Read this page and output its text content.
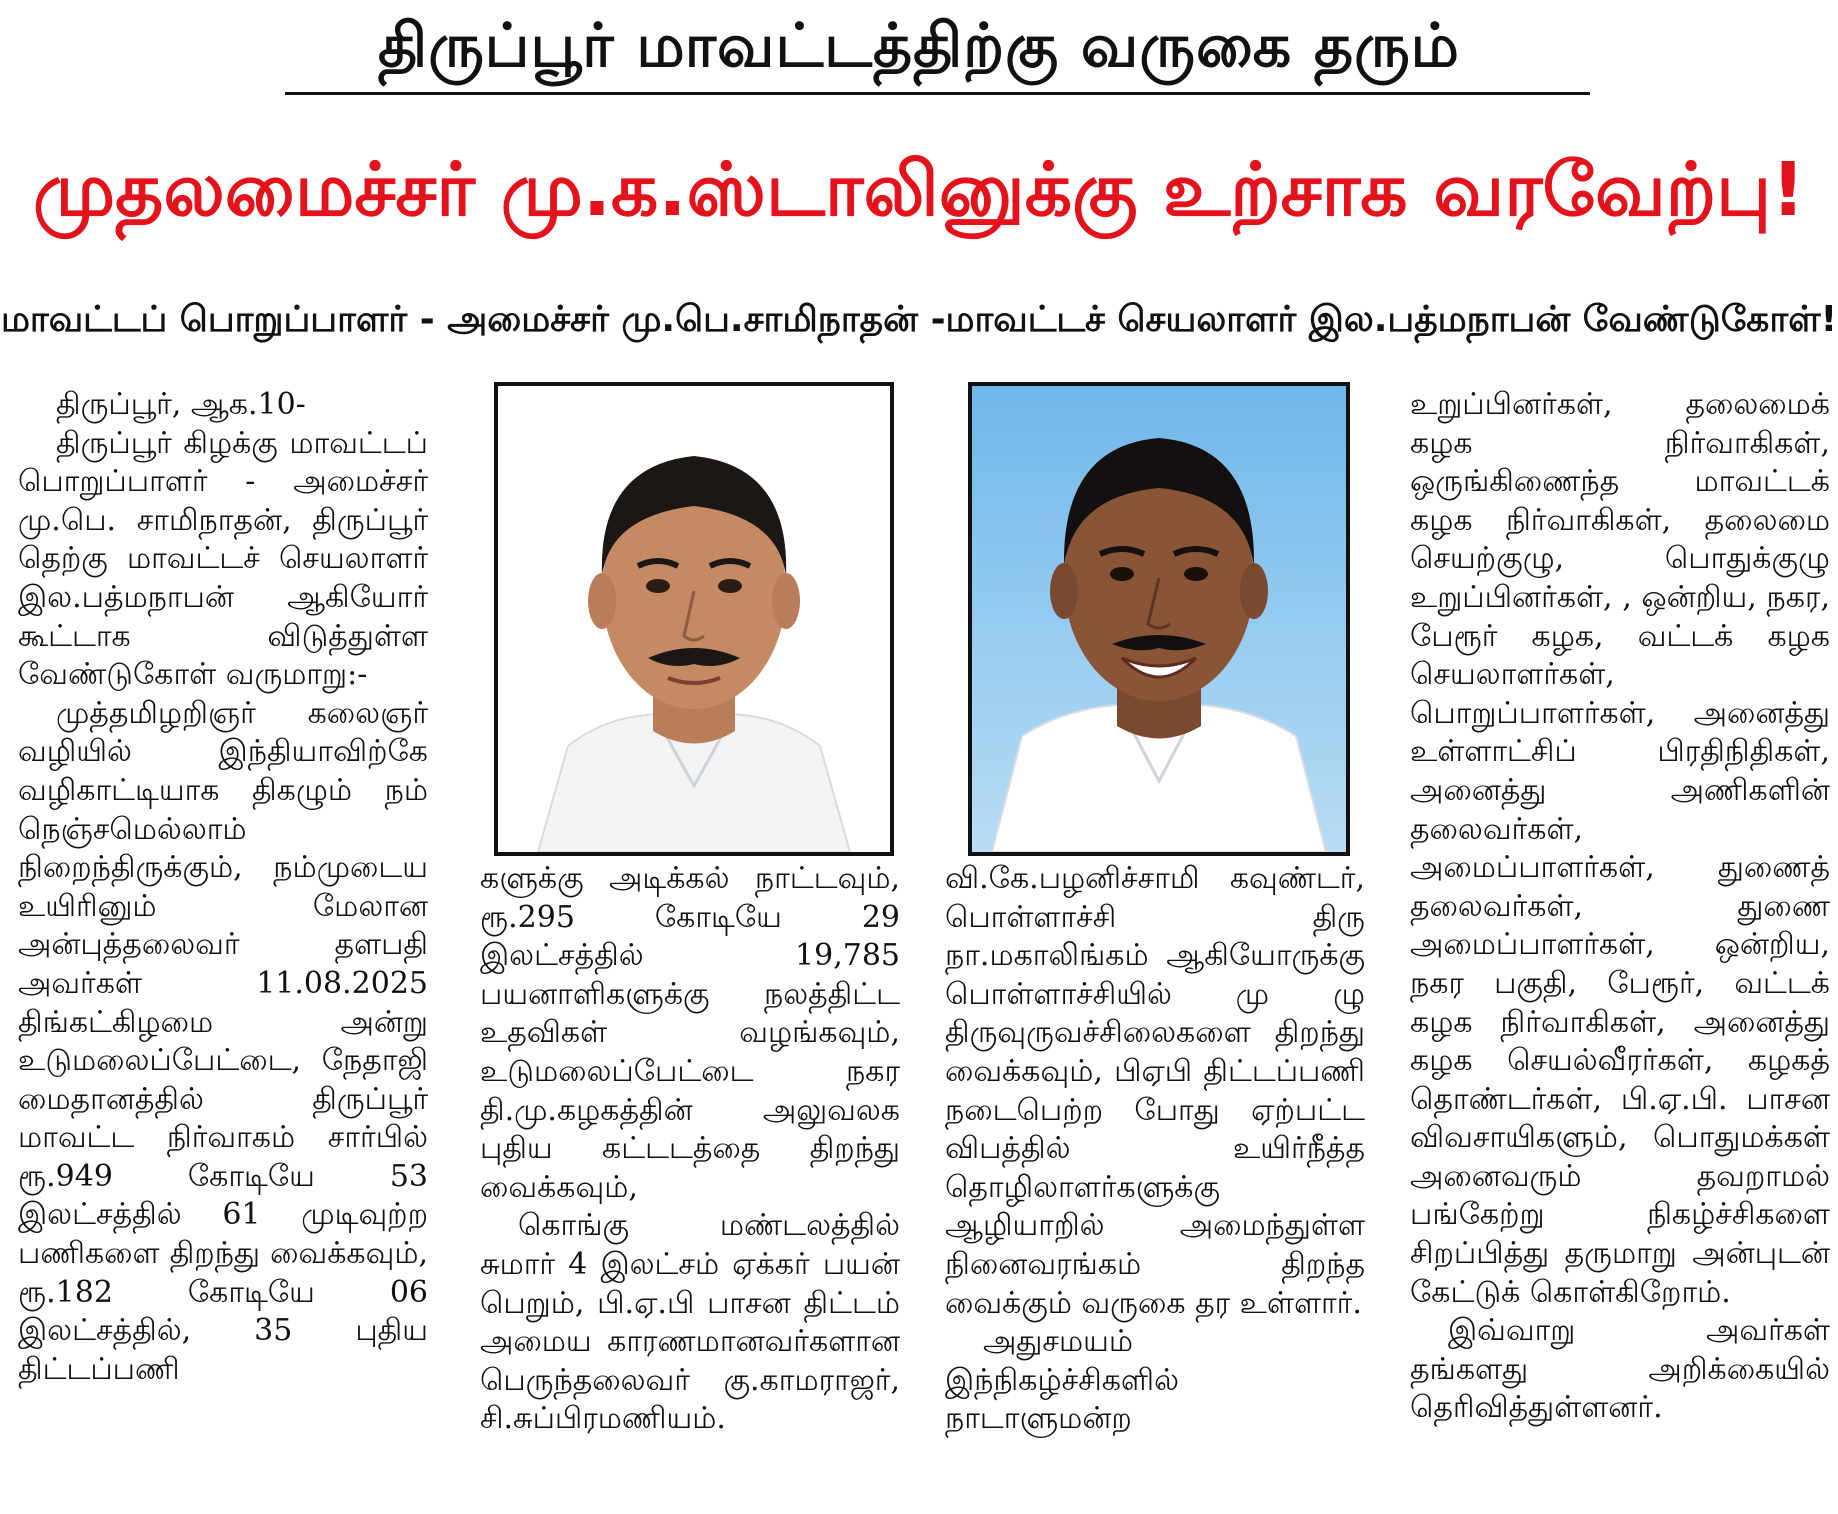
திருப்பூர் மாவட்டத்திற்கு வருகை தரும்
முதலமைச்சர் மு.க.ஸ்டாலினுக்கு உற்சாக வரவேற்பு!
மாவட்டப் பொறுப்பாளர் - அமைச்சர் மு.பெ.சாமிநாதன் -மாவட்டச் செயலாளர் இல.பத்மநாபன் வேண்டுகோள்!

திருப்பூர், ஆக.10-

திருப்பூர் கிழக்கு மாவட்டப் பொறுப்பாளர் - அமைச்சர் மு.பெ. சாமிநாதன், திருப்பூர் தெற்கு மாவட்டச் செயலாளர் இல.பத்மநாபன் ஆகியோர் கூட்டாக விடுத்துள்ள வேண்டுகோள் வருமாறு:-

முத்தமிழறிஞர் கலைஞர் வழியில் இந்தியாவிற்கே வழிகாட்டியாக திகழும் நம் நெஞ்சமெல்லாம் நிறைந்திருக்கும், நம்முடைய உயிரினும் மேலான அன்புத்தலைவர் தளபதி அவர்கள் 11.08.2025 திங்கட்கிழமை அன்று உடுமலைப்பேட்டை, நேதாஜி மைதானத்தில் திருப்பூர் மாவட்ட நிர்வாகம் சார்பில் ரூ.949 கோடியே 53 இலட்சத்தில் 61 முடிவுற்ற பணிகளை திறந்து வைக்கவும், ரூ.182 கோடியே 06 இலட்சத்தில், 35 புதிய திட்டப்பணி

களுக்கு அடிக்கல் நாட்டவும், ரூ.295 கோடியே 29 இலட்சத்தில் 19,785 பயனாளிகளுக்கு நலத்திட்ட உதவிகள் வழங்கவும், உடுமலைப்பேட்டை நகர தி.மு.கழகத்தின் அலுவலக புதிய கட்டடத்தை திறந்து வைக்கவும்,

கொங்கு மண்டலத்தில் சுமார் 4 இலட்சம் ஏக்கர் பயன் பெறும், பி.ஏ.பி பாசன திட்டம் அமைய காரணமானவர்களான பெருந்தலைவர் கு.காமராஜர், சி.சுப்பிரமணியம்.

வி.கே.பழனிச்சாமி கவுண்டர், பொள்ளாச்சி திரு நா.மகாலிங்கம் ஆகியோருக்கு பொள்ளாச்சியில் மு ழு திருவுருவச்சிலைகளை திறந்து வைக்கவும், பிஏபி திட்டப்பணி நடைபெற்ற போது ஏற்பட்ட விபத்தில் உயிர்நீத்த தொழிலாளர்களுக்கு ஆழியாறில் அமைந்துள்ள நினைவரங்கம் திறந்த வைக்கும் வருகை தர உள்ளார்.

அதுசமயம் இந்நிகழ்ச்சிகளில் நாடாளுமன்ற

உறுப்பினர்கள், தலைமைக் கழக நிர்வாகிகள், ஒருங்கிணைந்த மாவட்டக் கழக நிர்வாகிகள், தலைமை செயற்குழு, பொதுக்குழு உறுப்பினர்கள், , ஒன்றிய, நகர, பேரூர் கழக, வட்டக் கழக செயலாளர்கள், பொறுப்பாளர்கள், அனைத்து உள்ளாட்சிப் பிரதிநிதிகள், அனைத்து அணிகளின் தலைவர்கள், அமைப்பாளர்கள், துணைத் தலைவர்கள், துணை அமைப்பாளர்கள், ஒன்றிய, நகர பகுதி, பேரூர், வட்டக் கழக நிர்வாகிகள், அனைத்து கழக செயல்வீரர்கள், கழகத் தொண்டர்கள், பி.ஏ.பி. பாசன விவசாயிகளும், பொதுமக்கள் அனைவரும் தவறாமல் பங்கேற்று நிகழ்ச்சிகளை சிறப்பித்து தருமாறு அன்புடன் கேட்டுக் கொள்கிறோம்.

இவ்வாறு அவர்கள் தங்களது அறிக்கையில் தெரிவித்துள்ளனர்.
